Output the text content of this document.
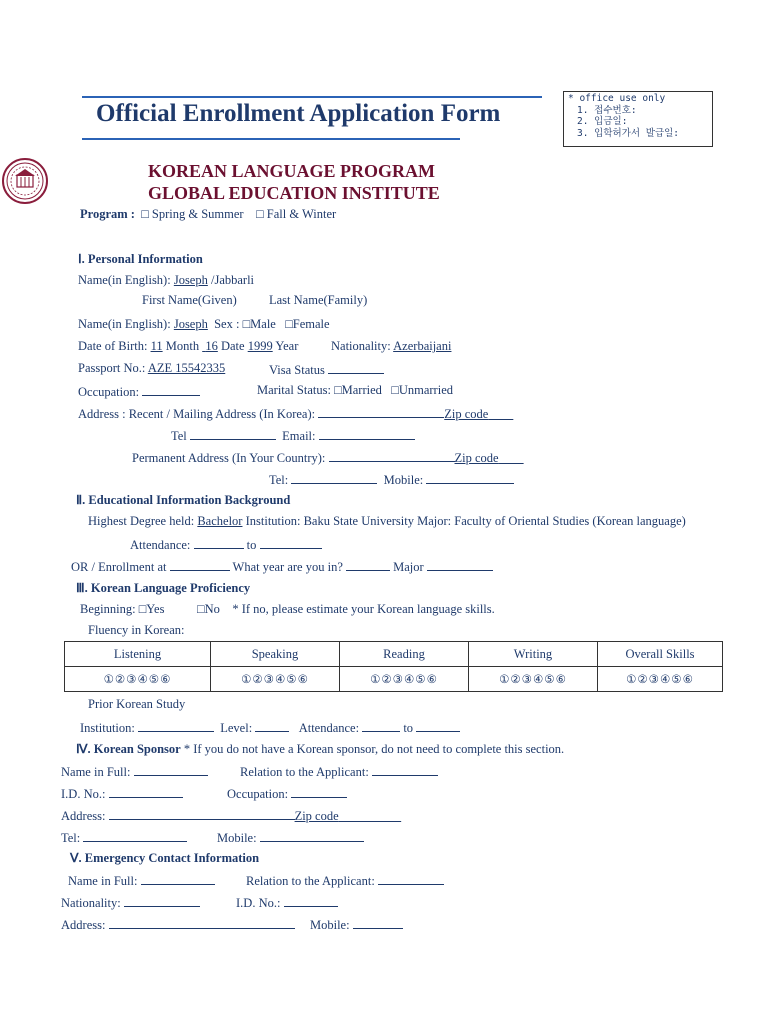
Official Enrollment Application Form
* office use only
1. 접수번호:
2. 입금일:
3. 입학허가서 발급일:
KOREAN LANGUAGE PROGRAM
GLOBAL EDUCATION INSTITUTE
Program :  □ Spring & Summer    □ Fall & Winter
Ⅰ. Personal Information
Name(in English): Joseph /Jabbarli
First Name(Given)	Last Name(Family)
Name(in English): Joseph Sex : □Male □Female
Date of Birth: 11 Month 16 Date 1999 Year	Nationality: Azerbaijani
Passport No.: AZE 15542335	Visa Status
Occupation:	Marital Status: □Married □Unmarried
Address : Recent / Mailing Address (In Korea):	Zip code
Tel	Email:
Permanent Address (In Your Country):	Zip code
Tel:	Mobile:
Ⅱ. Educational Information Background
Highest Degree held: Bachelor Institution: Baku State University Major: Faculty of Oriental Studies (Korean language)
Attendance:	to
OR / Enrollment at	What year are you in?	Major
Ⅲ. Korean Language Proficiency
Beginning: □Yes	□No * If no, please estimate your Korean language skills.
Fluency in Korean:
Listening	Speaking	Reading	Writing	Overall Skills
①②③④⑤⑥	①②③④⑤⑥	①②③④⑤⑥	①②③④⑤⑥	①②③④⑤⑥
Prior Korean Study
Institution:	Level:	Attendance:	to
Ⅳ. Korean Sponsor * If you do not have a Korean sponsor, do not need to complete this section.
Name in Full:	Relation to the Applicant:
I.D. No.:	Occupation:
Address:	Zip code
Tel:	Mobile:
Ⅴ. Emergency Contact Information
Name in Full:	Relation to the Applicant:
Nationality:	I.D. No.:
Address:	Mobile:
